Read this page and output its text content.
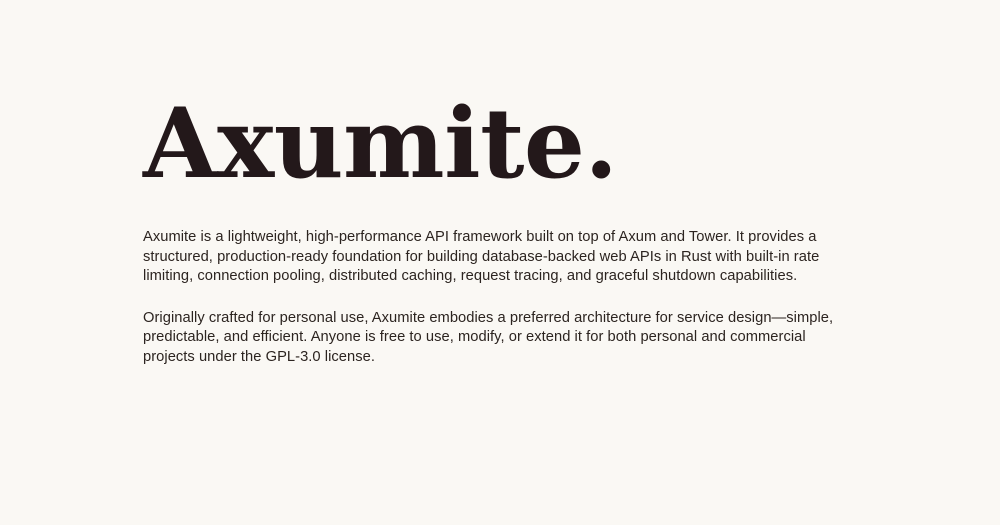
Axumite.

Axumite is a lightweight, high-performance API framework built on top of Axum and Tower. It provides a structured, production-ready foundation for building database-backed web APIs in Rust with built-in rate limiting, connection pooling, distributed caching, request tracing, and graceful shutdown capabilities.

Originally crafted for personal use, Axumite embodies a preferred architecture for service design—simple, predictable, and efficient. Anyone is free to use, modify, or extend it for both personal and commercial projects under the GPL-3.0 license.
